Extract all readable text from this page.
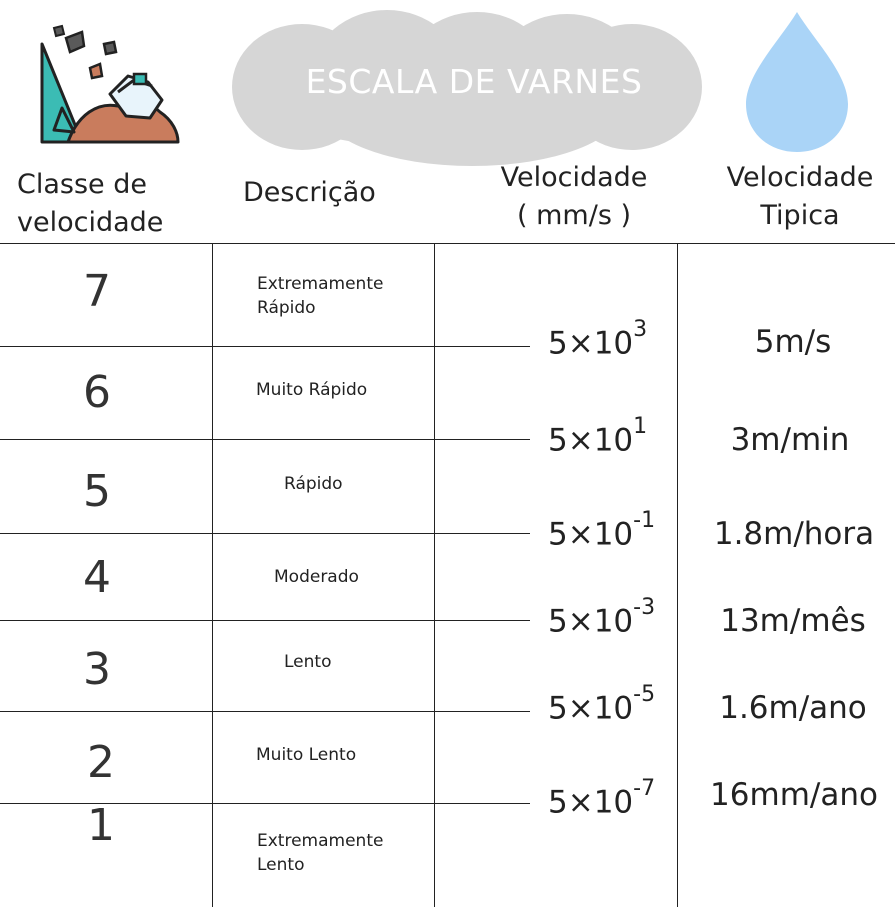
ESCALA DE VARNES
Classe de
velocidade
Descrição	Velocidade
( mm/s )
Velocidade
Tipica
7
6
5
4
3
2
1
Extremamente
Rápido
Muito Rápido
Rápido
Moderado
Lento
Muito Lento
Extremamente
Lento
$5\times 10^3$
$5\times 10^1$
$5\times 10^{-1}$
$5\times 10^{-3}$
$5\times 10^{-5}$
$5\times 10^{-7}$
5m/s
3m/min
1.8m/hora
13m/mês
1.6m/ano
16mm/ano
